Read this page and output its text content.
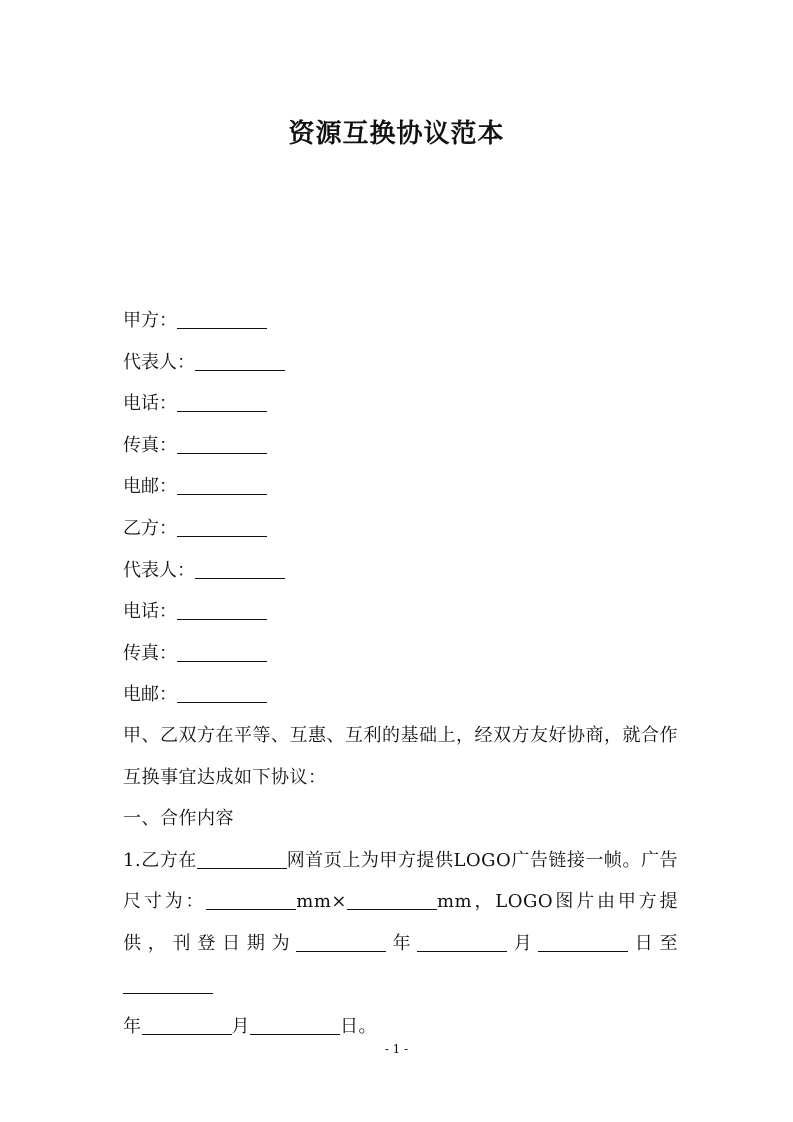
资源互换协议范本
甲方：
代表人：
电话：
传真：
电邮：
乙方：
代表人：
电话：
传真：
电邮：
甲、乙双方在平等、互惠、互利的基础上，经双方友好协商，就合作互换事宜达成如下协议：
一、合作内容
1.乙方在	网首页上为甲方提供LOGO广告链接一帧。广告尺寸为：	mm×	mm，LOGO图片由甲方提供，刊登日期为	年	月	日至
年	月	日。
- 1 -
